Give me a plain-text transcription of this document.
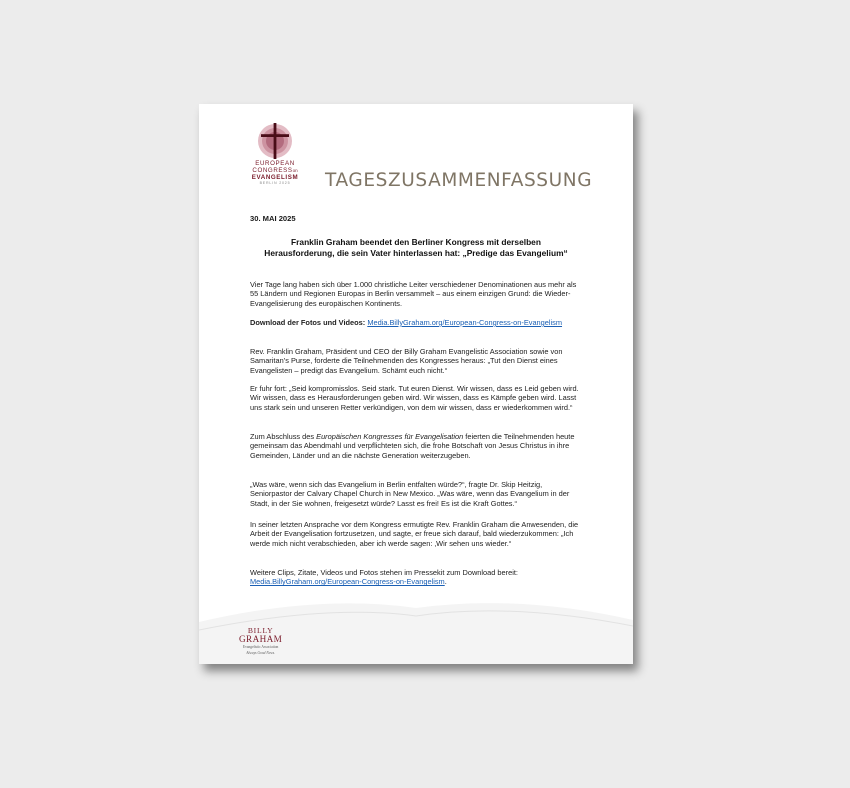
EUROPEAN
CONGRESSon
EVANGELISM
BERLIN 2025	TAGESZUSAMMENFASSUNG
30. MAI 2025
Franklin Graham beendet den Berliner Kongress mit derselben Herausforderung, die sein Vater hinterlassen hat: „Predige das Evangelium“

Vier Tage lang haben sich über 1.000 christliche Leiter verschiedener Denominationen aus mehr als 55 Ländern und Regionen Europas in Berlin versammelt – aus einem einzigen Grund: die Wieder-Evangelisierung des europäischen Kontinents.

Download der Fotos und Videos: Media.BillyGraham.org/European-Congress-on-Evangelism

Rev. Franklin Graham, Präsident und CEO der Billy Graham Evangelistic Association sowie von Samaritan’s Purse, forderte die Teilnehmenden des Kongresses heraus: „Tut den Dienst eines Evangelisten – predigt das Evangelium. Schämt euch nicht.“

Er fuhr fort: „Seid kompromisslos. Seid stark. Tut euren Dienst. Wir wissen, dass es Leid geben wird. Wir wissen, dass es Herausforderungen geben wird. Wir wissen, dass es Kämpfe geben wird. Lasst uns stark sein und unseren Retter verkündigen, von dem wir wissen, dass er wiederkommen wird.“

Zum Abschluss des Europäischen Kongresses für Evangelisation feierten die Teilnehmenden heute gemeinsam das Abendmahl und verpflichteten sich, die frohe Botschaft von Jesus Christus in ihre Gemeinden, Länder und an die nächste Generation weiterzugeben.

„Was wäre, wenn sich das Evangelium in Berlin entfalten würde?“, fragte Dr. Skip Heitzig, Seniorpastor der Calvary Chapel Church in New Mexico. „Was wäre, wenn das Evangelium in der Stadt, in der Sie wohnen, freigesetzt würde? Lasst es frei! Es ist die Kraft Gottes.“

In seiner letzten Ansprache vor dem Kongress ermutigte Rev. Franklin Graham die Anwesenden, die Arbeit der Evangelisation fortzusetzen, und sagte, er freue sich darauf, bald wiederzukommen: „Ich werde mich nicht verabschieden, aber ich werde sagen: ‚Wir sehen uns wieder.“

Weitere Clips, Zitate, Videos und Fotos stehen im Pressekit zum Download bereit: Media.BillyGraham.org/European-Congress-on-Evangelism.

BILLY
GRAHAM
Evangelistic Association
Always Good News.
